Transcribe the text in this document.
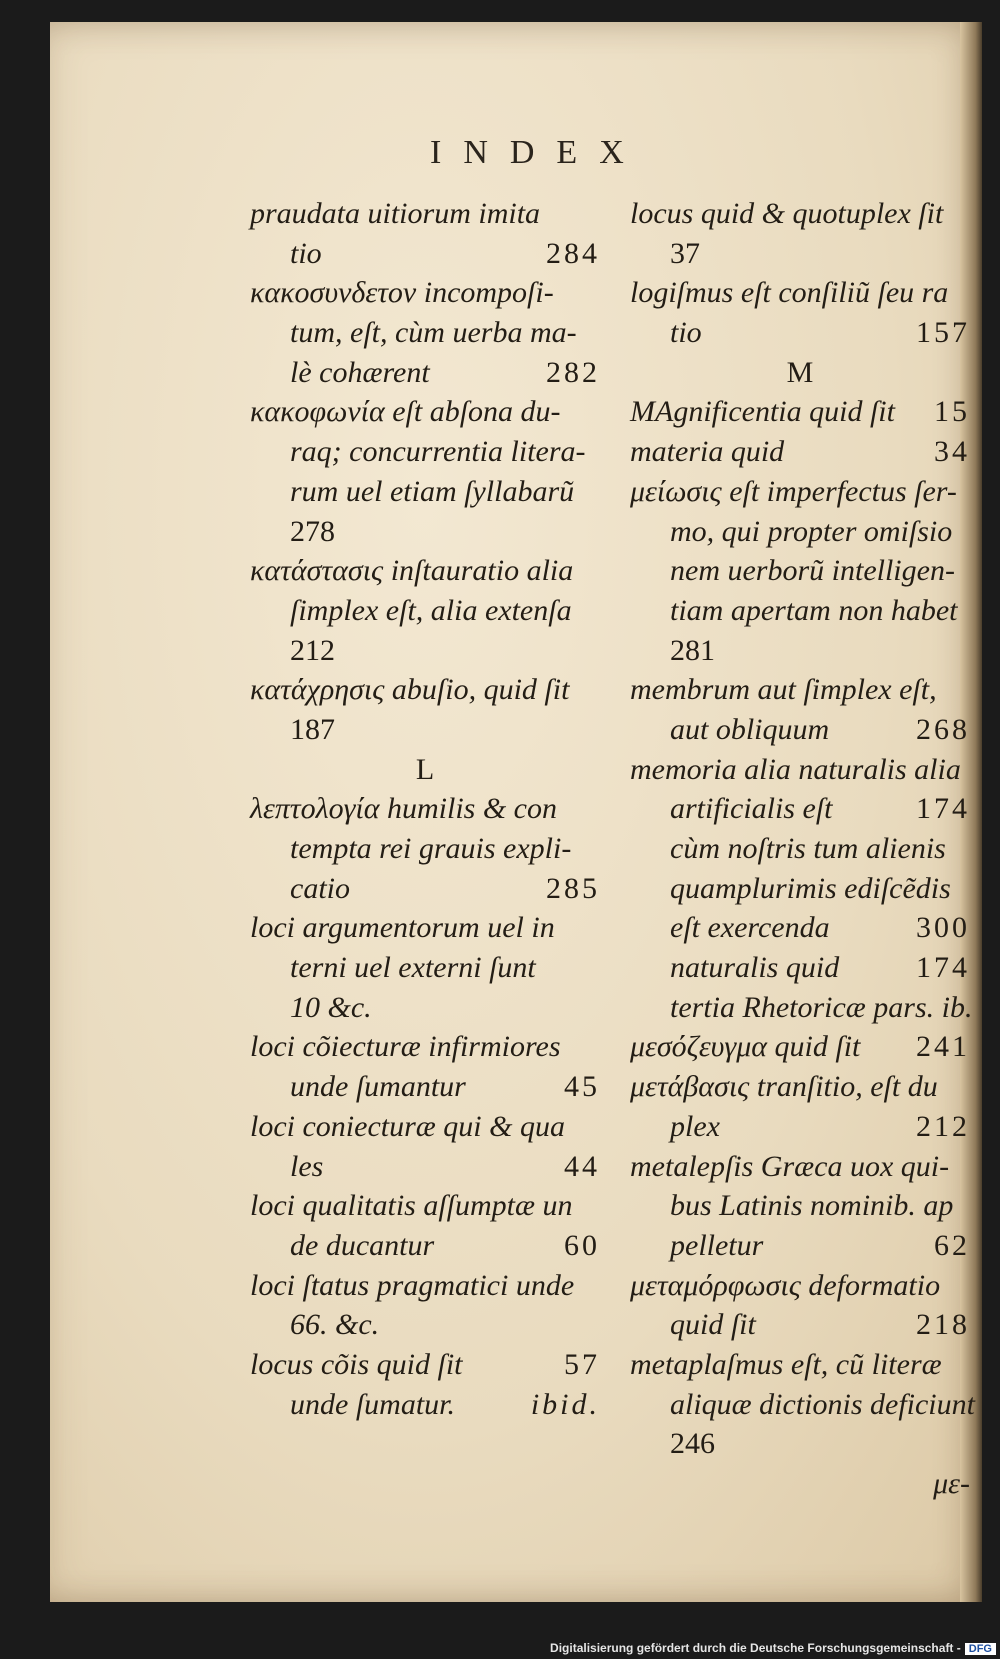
INDEX
praudata uitiorum imita
tio	284
κακοσυνδετον incompoſi-
tum, eſt, cùm uerba ma-
lè cohærent	282
κακοφωνία eſt abſona du-
raq; concurrentia litera-
rum uel etiam ſyllabarũ
278
κατάστασις inſtauratio alia
ſimplex eſt, alia extenſa
212
κατάχρησις abuſio, quid ſit
187
L
λεπτολογία humilis & con
tempta rei grauis expli-
catio	285
loci argumentorum uel in
terni uel externi ſunt
10 &c.
loci cõiecturæ infirmiores
unde ſumantur	45
loci coniecturæ qui & qua
les	44
loci qualitatis aſſumptæ un
de ducantur	60
loci ſtatus pragmatici unde
66. &c.
locus cõis quid ſit	57
unde ſumatur.	ibid.
locus quid & quotuplex ſit
37
logiſmus eſt conſiliũ ſeu ra
tio	157
M
MAgnificentia quid ſit 15
materia quid	34
μείωσις eſt imperfectus ſer-
mo, qui propter omiſsio
nem uerborũ intelligen-
tiam apertam non habet
281
membrum aut ſimplex eſt,
aut obliquum	268
memoria alia naturalis alia
artificialis eſt	174
cùm noſtris tum alienis
quamplurimis ediſcẽdis
eſt exercenda	300
naturalis quid	174
tertia Rhetoricæ pars. ib.
μεσόζευγμα quid ſit 241
μετάβασις tranſitio, eſt du
plex	212
metalepſis Græca uox qui-
bus Latinis nominib. ap
pelletur	62
μεταμόρφωσις deformatio
quid ſit	218
metaplaſmus eſt, cũ literæ
aliquæ dictionis deficiunt
246
με-
Digitalisierung gefördert durch die Deutsche Forschungsgemeinschaft - DFG
